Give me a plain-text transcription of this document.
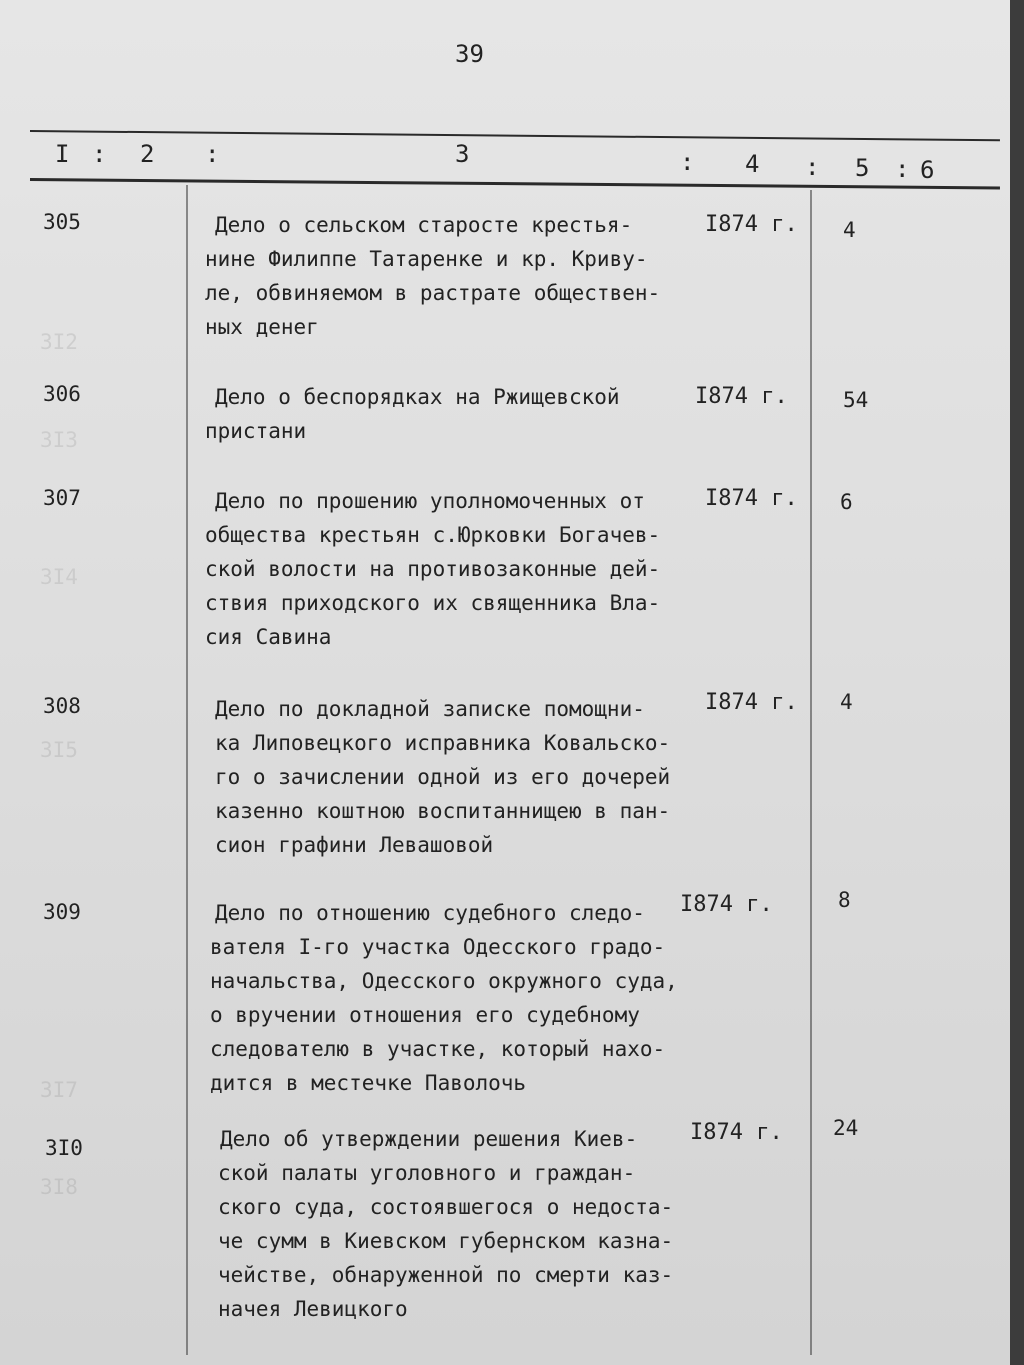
3I2
3I3
3I4
3I5
3I7
3I8
39
I : 2 :	3	: 4 : 5 : 6
305	Дело о сельском старосте крестья-
нине Филиппе Татаренке и кр. Криву-
ле, обвиняемом в растрате обществен-
ных денег
I874 г. 4
306	Дело о беспорядках на Ржищевской
пристани
I874 г.	54
307	Дело по прошению уполномоченных от
общества крестьян с.Юрковки Богачев-
ской волости на противозаконные дей-
ствия приходского их священника Вла-
сия Савина
I874 г. 6
308	Дело по докладной записке помощни-
ка Липовецкого исправника Ковальско-
го о зачислении одной из его дочерей
казенно коштною воспитаннищею в пан-
сион графини Левашовой
I874 г. 4
309	Дело по отношению судебного следо-
вателя I-го участка Одесского градо-
начальства, Одесского окружного суда,
о вручении отношения его судебному
следователю в участке, который нахо-
дится в местечке Паволочь
I874 г.	8
3I0	Дело об утверждении решения Киев-
ской палаты уголовного и граждан-
ского суда, состоявшегося о недоста-
че сумм в Киевском губернском казна-
чействе, обнаруженной по смерти каз-
начея Левицкого
I874 г. 24
